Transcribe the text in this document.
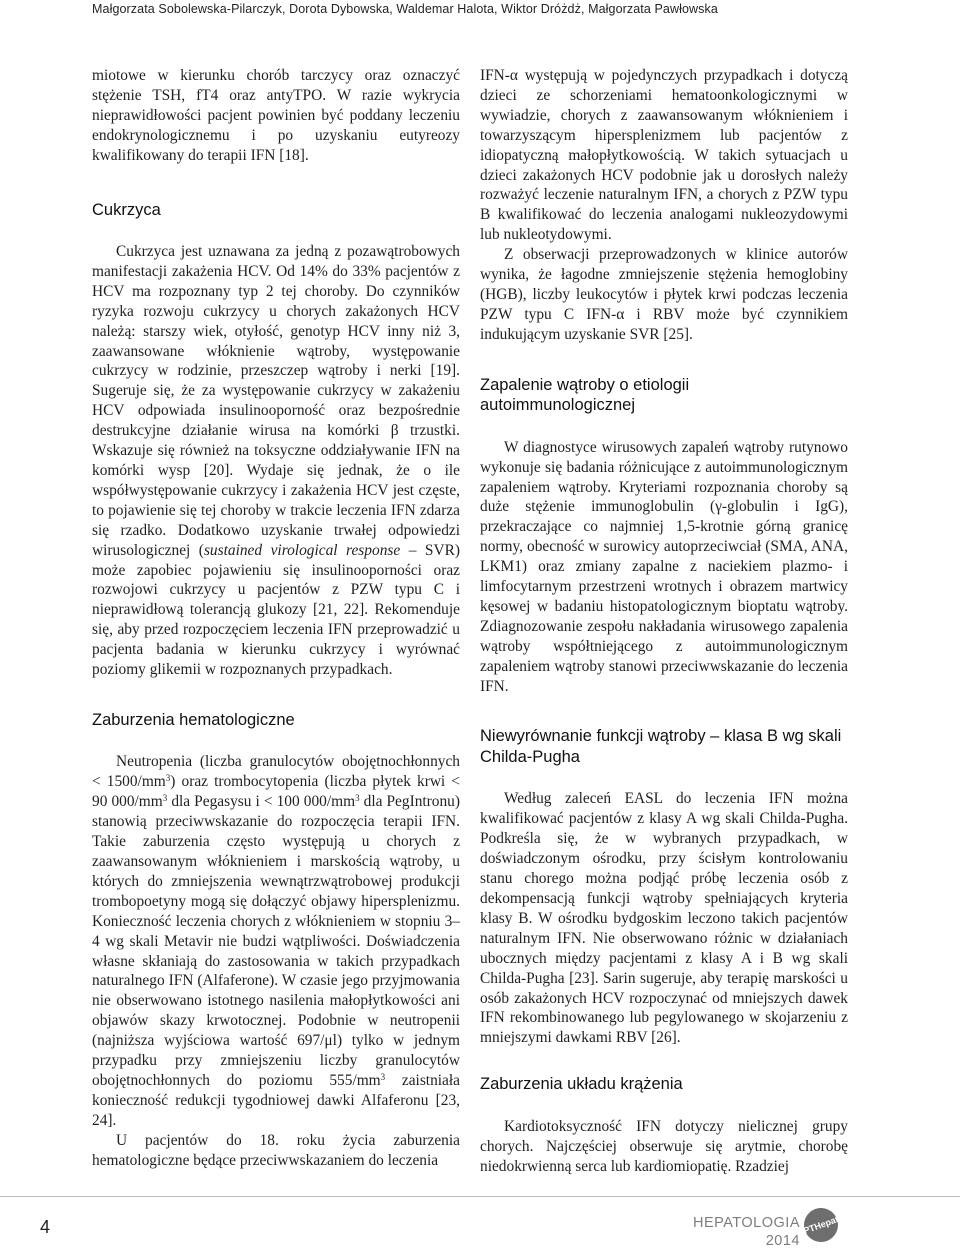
Małgorzata Sobolewska-Pilarczyk, Dorota Dybowska, Waldemar Halota, Wiktor Dróżdż, Małgorzata Pawłowska

miotowe w kierunku chorób tarczycy oraz oznaczyć stężenie TSH, fT4 oraz antyTPO. W razie wykrycia nieprawidłowości pacjent powinien być poddany leczeniu endokrynologicznemu i po uzyskaniu eutyreozy kwalifikowany do terapii IFN [18].

Cukrzyca

Cukrzyca jest uznawana za jedną z pozawątrobowych manifestacji zakażenia HCV. Od 14% do 33% pacjentów z HCV ma rozpoznany typ 2 tej choroby. Do czynników ryzyka rozwoju cukrzycy u chorych zakażonych HCV należą: starszy wiek, otyłość, genotyp HCV inny niż 3, zaawansowane włóknienie wątroby, występowanie cukrzycy w rodzinie, przeszczep wątroby i nerki [19]. Sugeruje się, że za występowanie cukrzycy w zakażeniu HCV odpowiada insulinooporność oraz bezpośrednie destrukcyjne działanie wirusa na komórki β trzustki. Wskazuje się również na toksyczne oddziaływanie IFN na komórki wysp [20]. Wydaje się jednak, że o ile współwystępowanie cukrzycy i zakażenia HCV jest częste, to pojawienie się tej choroby w trakcie leczenia IFN zdarza się rzadko. Dodatkowo uzyskanie trwałej odpowiedzi wirusologicznej (sustained virological response – SVR) może zapobiec pojawieniu się insulinooporności oraz rozwojowi cukrzycy u pacjentów z PZW typu C i nieprawidłową tolerancją glukozy [21, 22]. Rekomenduje się, aby przed rozpoczęciem leczenia IFN przeprowadzić u pacjenta badania w kierunku cukrzycy i wyrównać poziomy glikemii w rozpoznanych przypadkach.

Zaburzenia hematologiczne

Neutropenia (liczba granulocytów obojętnochłonnych < $1500/mm^3$) oraz trombocytopenia (liczba płytek krwi < 90 $000/mm^3$ dla Pegasysu i < 100 $000/mm^3$ dla PegIntronu) stanowią przeciwwskazanie do rozpoczęcia terapii IFN. Takie zaburzenia często występują u chorych z zaawansowanym włóknieniem i marskością wątroby, u których do zmniejszenia wewnątrzwątrobowej produkcji trombopoetyny mogą się dołączyć objawy hipersplenizmu. Konieczność leczenia chorych z włóknieniem w stopniu 3–4 wg skali Metavir nie budzi wątpliwości. Doświadczenia własne skłaniają do zastosowania w takich przypadkach naturalnego IFN (Alfaferone). W czasie jego przyjmowania nie obserwowano istotnego nasilenia małopłytkowości ani objawów skazy krwotocznej. Podobnie w neutropenii (najniższa wyjściowa wartość 697/μl) tylko w jednym przypadku przy zmniejszeniu liczby granulocytów obojętnochłonnych do poziomu $555/mm^3$ zaistniała konieczność redukcji tygodniowej dawki Alfaferonu [23, 24].

U pacjentów do 18. roku życia zaburzenia hematologiczne będące przeciwwskazaniem do leczenia

IFN-α występują w pojedynczych przypadkach i dotyczą dzieci ze schorzeniami hematoonkologicznymi w wywiadzie, chorych z zaawansowanym włóknieniem i towarzyszącym hipersplenizmem lub pacjentów z idiopatyczną małopłytkowością. W takich sytuacjach u dzieci zakażonych HCV podobnie jak u dorosłych należy rozważyć leczenie naturalnym IFN, a chorych z PZW typu B kwalifikować do leczenia analogami nukleozydowymi lub nukleotydowymi.

Z obserwacji przeprowadzonych w klinice autorów wynika, że łagodne zmniejszenie stężenia hemoglobiny (HGB), liczby leukocytów i płytek krwi podczas leczenia PZW typu C IFN-α i RBV może być czynnikiem indukującym uzyskanie SVR [25].

Zapalenie wątroby o etiologii autoimmunologicznej

W diagnostyce wirusowych zapaleń wątroby rutynowo wykonuje się badania różnicujące z autoimmunologicznym zapaleniem wątroby. Kryteriami rozpoznania choroby są duże stężenie immunoglobulin (γ-globulin i IgG), przekraczające co najmniej 1,5-krotnie górną granicę normy, obecność w surowicy autoprzeciwciał (SMA, ANA, LKM1) oraz zmiany zapalne z naciekiem plazmo- i limfocytarnym przestrzeni wrotnych i obrazem martwicy kęsowej w badaniu histopatologicznym bioptatu wątroby. Zdiagnozowanie zespołu nakładania wirusowego zapalenia wątroby współtniejącego z autoimmunologicznym zapaleniem wątroby stanowi przeciwwskazanie do leczenia IFN.

Niewyrównanie funkcji wątroby – klasa B wg skali Childa-Pugha

Według zaleceń EASL do leczenia IFN można kwalifikować pacjentów z klasy A wg skali Childa-Pugha. Podkreśla się, że w wybranych przypadkach, w doświadczonym ośrodku, przy ścisłym kontrolowaniu stanu chorego można podjąć próbę leczenia osób z dekompensacją funkcji wątroby spełniających kryteria klasy B. W ośrodku bydgoskim leczono takich pacjentów naturalnym IFN. Nie obserwowano różnic w działaniach ubocznych między pacjentami z klasy A i B wg skali Childa-Pugha [23]. Sarin sugeruje, aby terapię marskości u osób zakażonych HCV rozpoczynać od mniejszych dawek IFN rekombinowanego lub pegylowanego w skojarzeniu z mniejszymi dawkami RBV [26].

Zaburzenia układu krążenia

Kardiotoksyczność IFN dotyczy nielicznej grupy chorych. Najczęściej obserwuje się arytmie, chorobę niedokrwienną serca lub kardiomiopatię. Rzadziej

4	HEPATOLOGIA
2014
PTHepat
